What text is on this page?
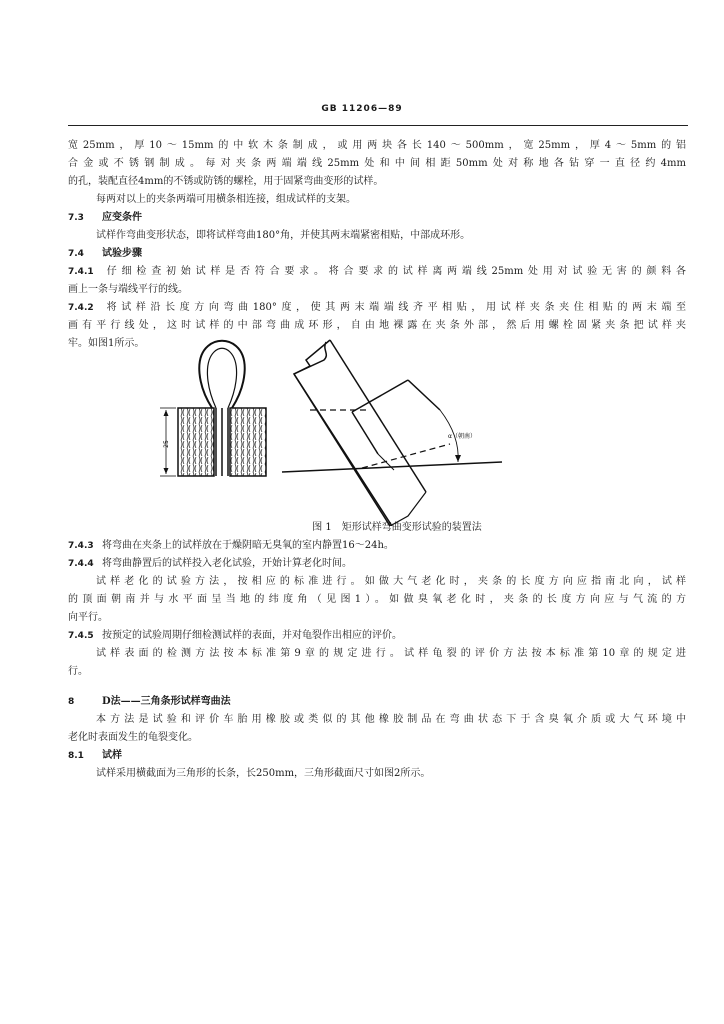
GB 11206—89
宽25mm，厚10～15mm的中软木条制成，或用两块各长140～500mm，宽25mm，厚4～5mm的铝
合金或不锈钢制成。每对夹条两端端线25mm处和中间相距50mm处对称地各钻穿一直径约4mm
的孔，装配直径4mm的不锈或防锈的螺栓，用于固紧弯曲变形的试样。
每两对以上的夹条两端可用横条相连接，组成试样的支架。
7.3 应变条件
试样作弯曲变形状态，即将试样弯曲180°角，并使其两末端紧密相贴，中部成环形。
7.4 试验步骤
7.4.1 仔细检查初始试样是否符合要求。将合要求的试样离两端线25mm处用对试验无害的颜料各
画上一条与端线平行的线。
7.4.2 将试样沿长度方向弯曲180°度，使其两末端端线齐平相贴，用试样夹条夹住相贴的两末端至
画有平行线处，这时试样的中部弯曲成环形，自由地裸露在夹条外部，然后用螺栓固紧夹条把试样夹
牢。如图1所示。
25
α（朝南）
图 1　矩形试样弯曲变形试验的装置法
7.4.3 将弯曲在夹条上的试样放在于燥阴暗无臭氧的室内静置16～24h。
7.4.4 将弯曲静置后的试样投入老化试验，开始计算老化时间。
试样老化的试验方法，按相应的标准进行。如做大气老化时，夹条的长度方向应指南北向，试样
的顶面朝南并与水平面呈当地的纬度角（见图1）。如做臭氧老化时，夹条的长度方向应与气流的方
向平行。
7.4.5 按预定的试验周期仔细检测试样的表面，并对龟裂作出相应的评价。
试样表面的检测方法按本标准第9章的规定进行。试样龟裂的评价方法按本标准第10章的规定进
行。
8	D法——三角条形试样弯曲法
本方法是试验和评价车胎用橡胶或类似的其他橡胶制品在弯曲状态下于含臭氧介质或大气环境中
老化时表面发生的龟裂变化。
8.1 试样
试样采用横截面为三角形的长条，长250mm，三角形截面尺寸如图2所示。
